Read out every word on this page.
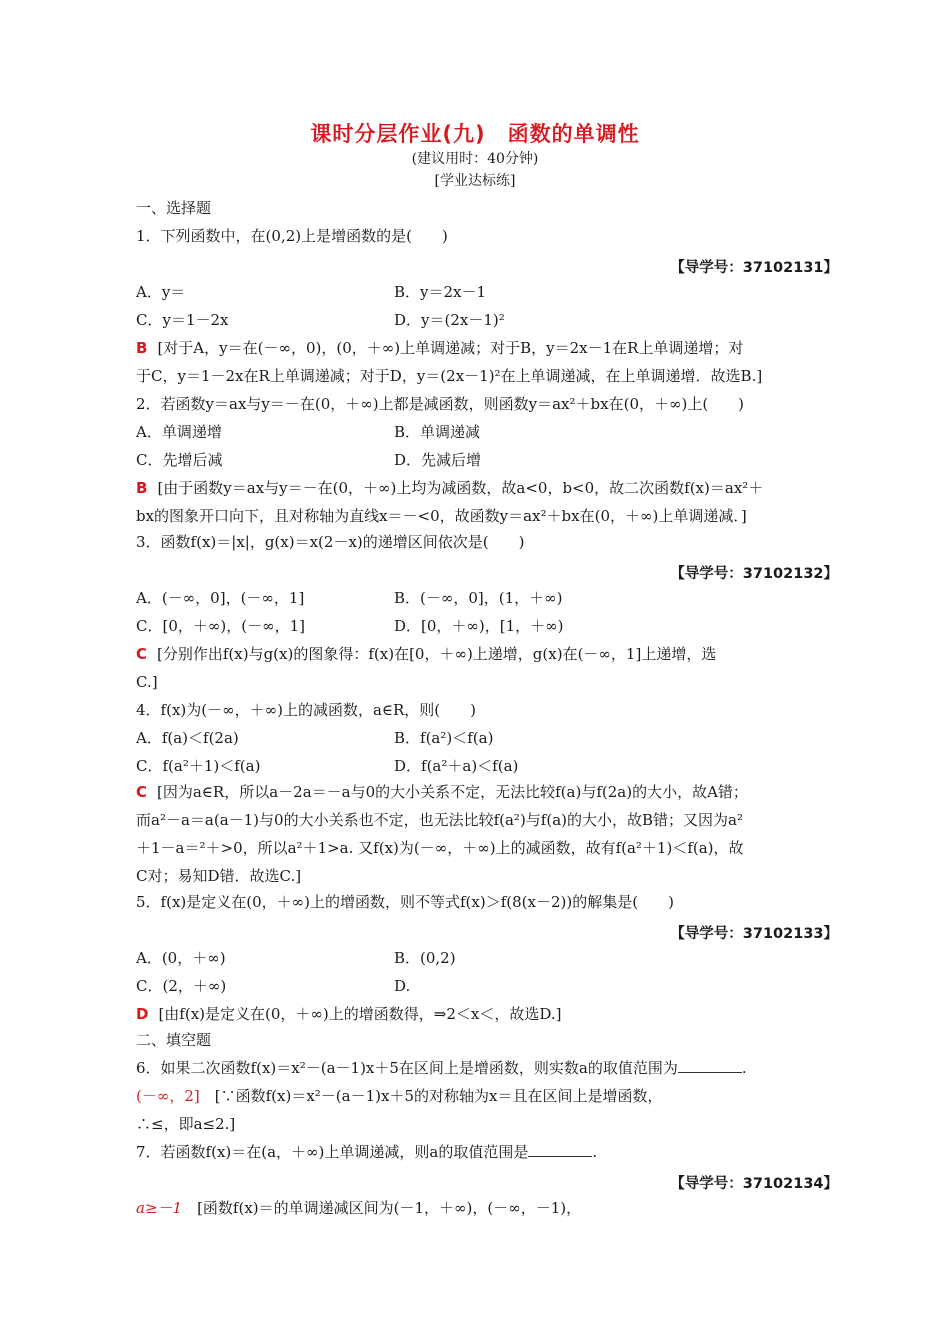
课时分层作业(九)　函数的单调性
(建议用时：40分钟)
[学业达标练]
一、选择题
1．下列函数中，在(0,2)上是增函数的是(　　)
【导学号：37102131】
A．y＝	B．y＝2x－1
C．y＝1－2x	D．y＝(2x－1)²
B [对于A，y＝在(－∞，0)，(0，＋∞)上单调递减；对于B，y＝2x－1在R上单调递增；对
于C，y＝1－2x在R上单调递减；对于D，y＝(2x－1)²在上单调递减，在上单调递增．故选B.]
2．若函数y＝ax与y＝－在(0，＋∞)上都是减函数，则函数y＝ax²＋bx在(0，＋∞)上(　　)
A．单调递增	B．单调递减
C．先增后减	D．先减后增
B [由于函数y＝ax与y＝－在(0，＋∞)上均为减函数，故a<0，b<0，故二次函数f(x)＝ax²＋
bx的图象开口向下，且对称轴为直线x＝－<0，故函数y＝ax²＋bx在(0，＋∞)上单调递减．]
3．函数f(x)＝|x|，g(x)＝x(2－x)的递增区间依次是(　　)
【导学号：37102132】
A．(－∞，0]，(－∞，1]	B．(－∞，0]，(1，＋∞)
C．[0，＋∞)，(－∞，1]	D．[0，＋∞)，[1，＋∞)
C [分别作出f(x)与g(x)的图象得：f(x)在[0，＋∞)上递增，g(x)在(－∞，1]上递增，选
C.]
4．f(x)为(－∞，＋∞)上的减函数，a∈R，则(　　)
A．f(a)＜f(2a)	B．f(a²)＜f(a)
C．f(a²＋1)＜f(a)	D．f(a²＋a)＜f(a)
C [因为a∈R，所以a－2a＝－a与0的大小关系不定，无法比较f(a)与f(2a)的大小，故A错；
而a²－a＝a(a－1)与0的大小关系也不定，也无法比较f(a²)与f(a)的大小，故B错；又因为a²
＋1－a＝²＋>0，所以a²＋1>a. 又f(x)为(－∞，＋∞)上的减函数，故有f(a²＋1)＜f(a)，故
C对；易知D错．故选C.]
5．f(x)是定义在(0，＋∞)上的增函数，则不等式f(x)＞f(8(x－2))的解集是(　　)
【导学号：37102133】
A．(0，＋∞)	B．(0,2)
C．(2，＋∞)	D.
D [由f(x)是定义在(0，＋∞)上的增函数得，⇒2＜x＜，故选D.]
二、填空题
6．如果二次函数f(x)＝x²－(a－1)x＋5在区间上是增函数，则实数a的取值范围为	.
(－∞，2]　 [∵函数f(x)＝x²－(a－1)x＋5的对称轴为x＝且在区间上是增函数，
∴≤，即a≤2.]
7．若函数f(x)＝在(a，＋∞)上单调递减，则a的取值范围是	.
【导学号：37102134】
a≥－1　 [函数f(x)＝的单调递减区间为(－1，＋∞)，(－∞，－1)，
